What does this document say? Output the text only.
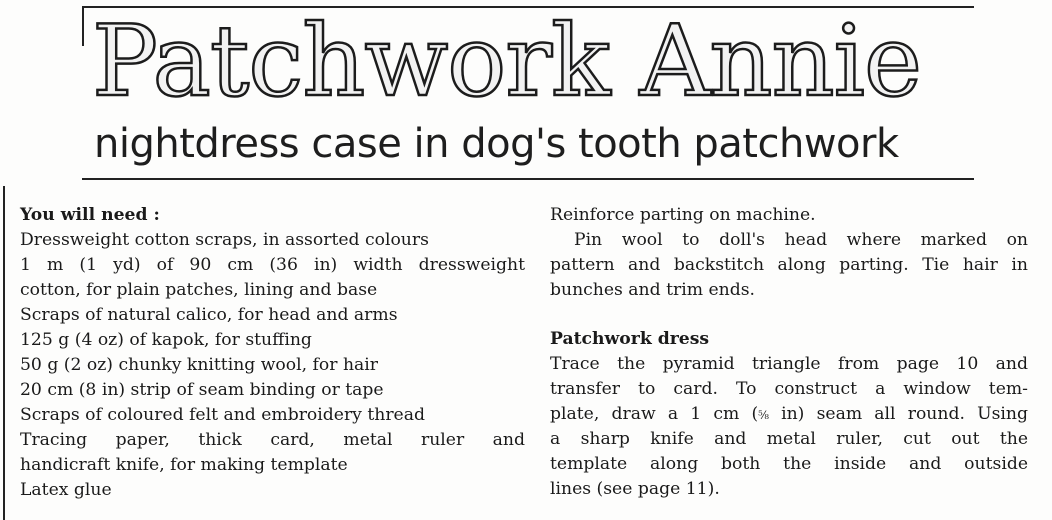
Patchwork Annie
nightdress case in dog's tooth patchwork
You will need :
Dressweight cotton scraps, in assorted colours
1 m (1 yd) of 90 cm (36 in) width dressweight
cotton, for plain patches, lining and base
Scraps of natural calico, for head and arms
125 g (4 oz) of kapok, for stuffing
50 g (2 oz) chunky knitting wool, for hair
20 cm (8 in) strip of seam binding or tape
Scraps of coloured felt and embroidery thread
Tracing paper, thick card, metal ruler and
handicraft knife, for making template
Latex glue
Reinforce parting on machine.
Pin wool to doll's head where marked on
pattern and backstitch along parting. Tie hair in
bunches and trim ends.
Patchwork dress
Trace the pyramid triangle from page 10 and
transfer to card. To construct a window tem-
plate, draw a 1 cm (⅝ in) seam all round. Using
a sharp knife and metal ruler, cut out the
template along both the inside and outside
lines (see page 11).
